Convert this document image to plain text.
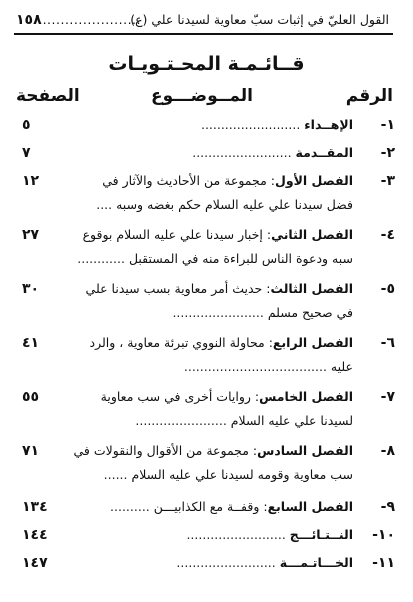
القول العليّ في إثبات سبّ معاوية لسيدنا علي (ع)
.......................
١٥٨
قــائـمـة المحـتـويـات
الرقم
المــوضـــوع
الصفحة
١-
الإهــداء .........................
٥
٢-
المقــدمة .........................
٧
٣-
الفصل الأول: مجموعة من الأحاديث والآثار في
١٢
فضل سيدنا علي عليه السلام حكم بغضه وسبه ....
٤-
الفصل الثاني: إخبار سيدنا علي عليه السلام بوقوع
٢٧
سبه ودعوة الناس للبراءة منه في المستقبل ............
٥-
الفصل الثالث: حديث أمر معاوية بسب سيدنا علي
٣٠
في صحيح مسلم .......................
٦-
الفصل الرابع: محاولة النووي تبرئة معاوية ، والرد
٤١
عليه ....................................
٧-
الفصل الخامس: روايات أخرى في سب معاوية
٥٥
لسيدنا علي عليه السلام .......................
٨-
الفصل السادس: مجموعة من الأقوال والنقولات في
٧١
سب معاوية وقومه لسيدنا علي عليه السلام ......
٩-
الفصل السابع: وقفــة مع الكذابيـــن ..........
١٣٤
١٠-
النــتـائـــج .........................
١٤٤
١١-
الخـــاتـمـــة .........................
١٤٧
